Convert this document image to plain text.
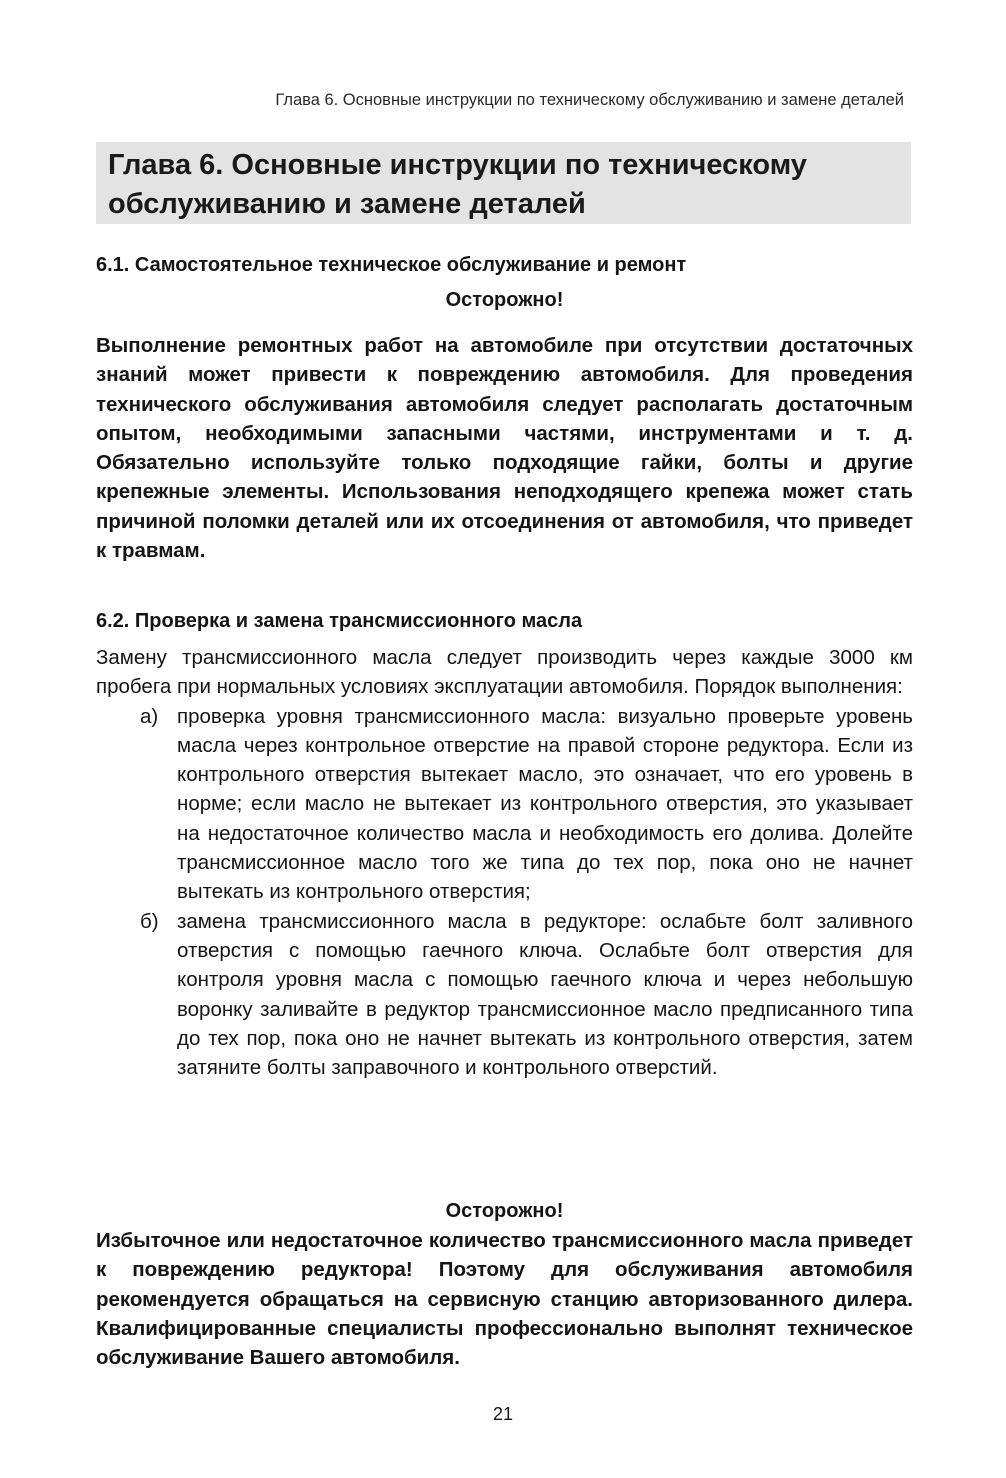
Глава 6. Основные инструкции по техническому обслуживанию и замене деталей
Глава 6. Основные инструкции по техническому
обслуживанию и замене деталей
6.1. Самостоятельное техническое обслуживание и ремонт

Осторожно!

Выполнение ремонтных работ на автомобиле при отсутствии достаточных знаний может привести к повреждению автомобиля. Для проведения технического обслуживания автомобиля следует располагать достаточным опытом, необходимыми запасными частями, инструментами и т. д. Обязательно используйте только подходящие гайки, болты и другие крепежные элементы. Использования неподходящего крепежа может стать причиной поломки деталей или их отсоединения от автомобиля, что приведет к травмам.

6.2. Проверка и замена трансмиссионного масла

Замену трансмиссионного масла следует производить через каждые 3000 км пробега при нормальных условиях эксплуатации автомобиля. Порядок выполнения:

а) проверка уровня трансмиссионного масла: визуально проверьте уровень масла через контрольное отверстие на правой стороне редуктора. Если из контрольного отверстия вытекает масло, это означает, что его уровень в норме; если масло не вытекает из контрольного отверстия, это указывает на недостаточное количество масла и необходимость его долива. Долейте трансмиссионное масло того же типа до тех пор, пока оно не начнет вытекать из контрольного отверстия;
б) замена трансмиссионного масла в редукторе: ослабьте болт заливного отверстия с помощью гаечного ключа. Ослабьте болт отверстия для контроля уровня масла с помощью гаечного ключа и через небольшую воронку заливайте в редуктор трансмиссионное масло предписанного типа до тех пор, пока оно не начнет вытекать из контрольного отверстия, затем затяните болты заправочного и контрольного отверстий.

Осторожно!

Избыточное или недостаточное количество трансмиссионного масла приведет к повреждению редуктора! Поэтому для обслуживания автомобиля рекомендуется обращаться на сервисную станцию авторизованного дилера. Квалифицированные специалисты профессионально выполнят техническое обслуживание Вашего автомобиля.

21
